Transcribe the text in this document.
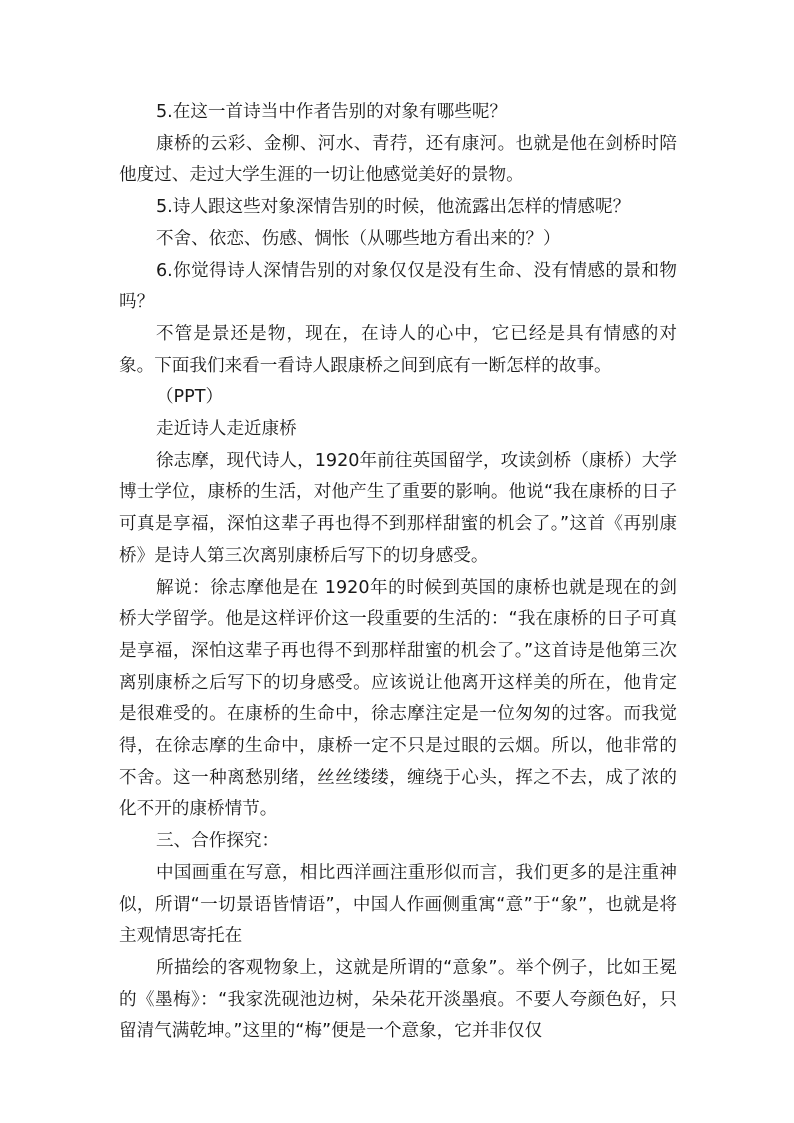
5.在这一首诗当中作者告别的对象有哪些呢？

康桥的云彩、金柳、河水、青荇，还有康河。也就是他在剑桥时陪他度过、走过大学生涯的一切让他感觉美好的景物。

5.诗人跟这些对象深情告别的时候，他流露出怎样的情感呢？

不舍、依恋、伤感、惆怅（从哪些地方看出来的？）

6.你觉得诗人深情告别的对象仅仅是没有生命、没有情感的景和物吗？

不管是景还是物，现在，在诗人的心中，它已经是具有情感的对象。下面我们来看一看诗人跟康桥之间到底有一断怎样的故事。

（PPT）

走近诗人走近康桥

徐志摩，现代诗人，1920年前往英国留学，攻读剑桥（康桥）大学博士学位，康桥的生活，对他产生了重要的影响。他说“我在康桥的日子可真是享福，深怕这辈子再也得不到那样甜蜜的机会了。”这首《再别康桥》是诗人第三次离别康桥后写下的切身感受。

解说：徐志摩他是在 1920年的时候到英国的康桥也就是现在的剑桥大学留学。他是这样评价这一段重要的生活的：“我在康桥的日子可真是享福，深怕这辈子再也得不到那样甜蜜的机会了。”这首诗是他第三次离别康桥之后写下的切身感受。应该说让他离开这样美的所在，他肯定是很难受的。在康桥的生命中，徐志摩注定是一位匆匆的过客。而我觉得，在徐志摩的生命中，康桥一定不只是过眼的云烟。所以，他非常的不舍。这一种离愁别绪，丝丝缕缕，缠绕于心头，挥之不去，成了浓的化不开的康桥情节。

三、合作探究：

中国画重在写意，相比西洋画注重形似而言，我们更多的是注重神似，所谓“一切景语皆情语”，中国人作画侧重寓“意”于“象”，也就是将主观情思寄托在

所描绘的客观物象上，这就是所谓的“意象”。举个例子，比如王冕的《墨梅》：“我家洗砚池边树，朵朵花开淡墨痕。不要人夸颜色好，只留清气满乾坤。”这里的“梅”便是一个意象，它并非仅仅
